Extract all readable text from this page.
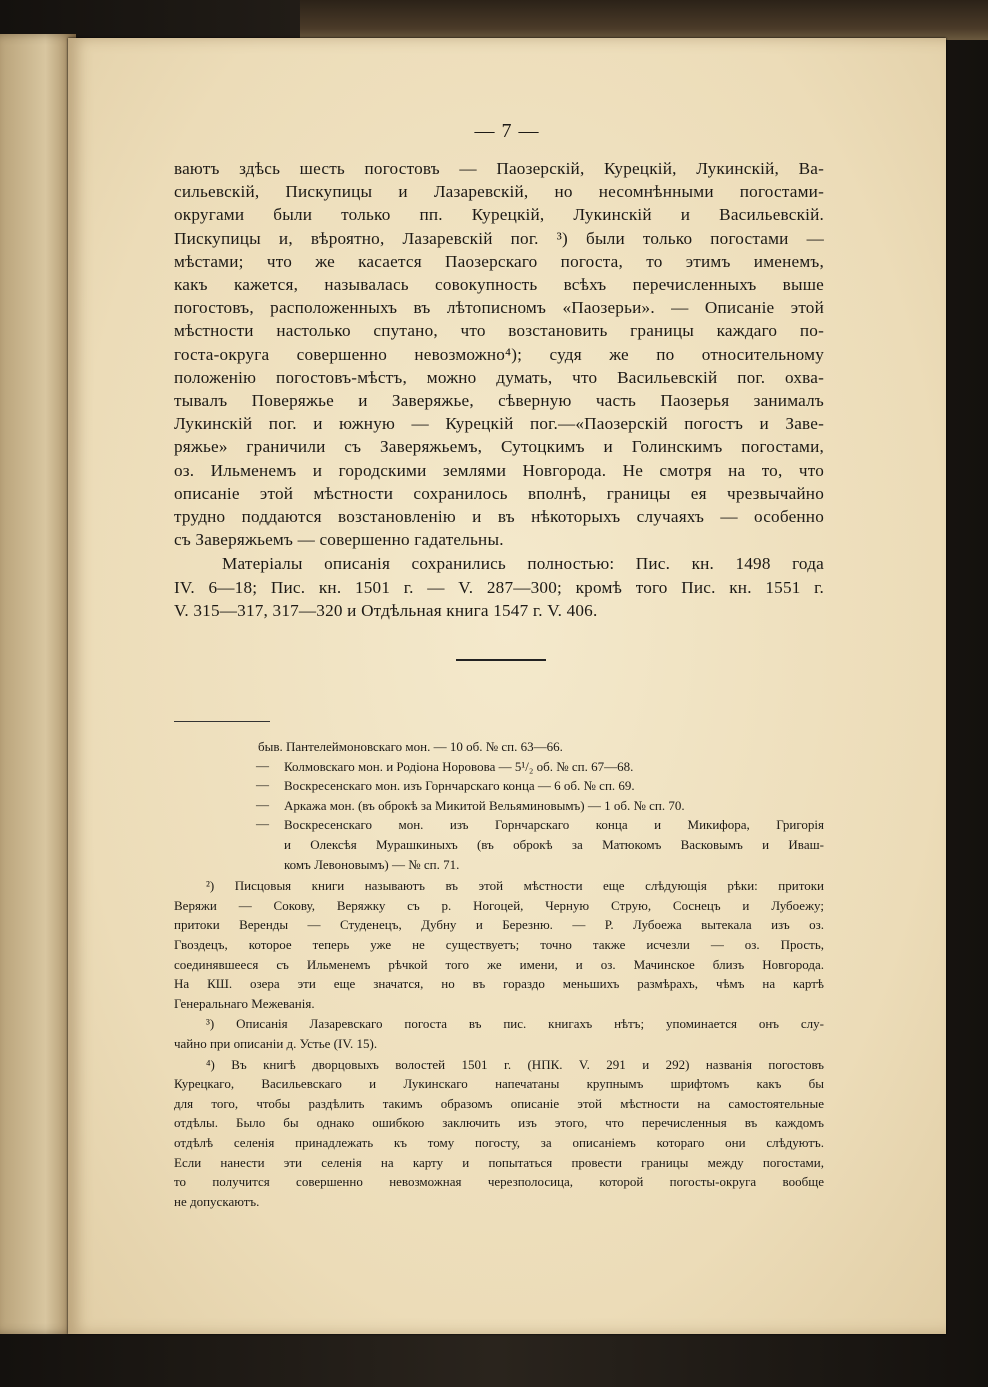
— 7 —
ваютъ здѣсь шесть погостовъ — Паозерскій, Курецкій, Лукинскій, Ва-
сильевскій, Пискупицы и Лазаревскій, но несомнѣнными погостами-
округами были только пп. Курецкій, Лукинскій и Васильевскій.
Пискупицы и, вѣроятно, Лазаревскій пог. ³) были только погостами —
мѣстами; что же касается Паозерскаго погоста, то этимъ именемъ,
какъ кажется, называлась совокупность всѣхъ перечисленныхъ выше
погостовъ, расположенныхъ въ лѣтописномъ «Паозерьи». — Описаніе этой
мѣстности настолько спутано, что возстановить границы каждаго по-
госта-округа совершенно невозможно⁴); судя же по относительному
положенію погостовъ-мѣстъ, можно думать, что Васильевскій пог. охва-
тывалъ Поверяжье и Заверяжье, сѣверную часть Паозерья занималъ
Лукинскій пог. и южную — Курецкій пог.—«Паозерскій погостъ и Заве-
ряжье» граничили съ Заверяжьемъ, Сутоцкимъ и Голинскимъ погостами,
оз. Ильменемъ и городскими землями Новгорода. Не смотря на то, что
описаніе этой мѣстности сохранилось вполнѣ, границы ея чрезвычайно
трудно поддаются возстановленію и въ нѣкоторыхъ случаяхъ — особенно
съ Заверяжьемъ — совершенно гадательны.
Матеріалы описанія сохранились полностью: Пис. кн. 1498 года
IV. 6—18; Пис. кн. 1501 г. — V. 287—300; кромѣ того Пис. кн. 1551 г.
V. 315—317, 317—320 и Отдѣльная книга 1547 г. V. 406.
быв. Пантелеймоновскаго мон. — 10 об. № сп. 63—66.
— Колмовскаго мон. и Родіона Норовова — 5¹/₂ об. № сп. 67—68.
— Воскресенскаго мон. изъ Горнчарскаго конца — 6 об. № сп. 69.
— Аркажа мон. (въ оброкѣ за Микитой Вельяминовымъ) — 1 об. № сп. 70.
— Воскресенскаго мон. изъ Горнчарскаго конца и Микифора, Григорія
и Олексѣя Мурашкиныхъ (въ оброкѣ за Матюкомъ Васковымъ и Ивaш-
комъ Левоновымъ) — № сп. 71.
²) Писцовыя книги называютъ въ этой мѣстности еще слѣдующія рѣки: притоки
Веряжи — Сокову, Веряжку съ р. Ногоцей, Черную Струю, Соснецъ и Лубоежу;
притоки Веренды — Студенецъ, Дубну и Березню. — Р. Лубоежа вытекала изъ оз.
Гвоздецъ, которое теперь уже не существуетъ; точно также исчезли — оз. Прость,
соединявшееся съ Ильменемъ рѣчкой того же имени, и оз. Мачинское близъ Новгорода.
На КШ. озера эти еще значатся, но въ гораздо меньшихъ размѣрахъ, чѣмъ на картѣ
Генеральнаго Межеванія.
³) Описанія Лазаревскаго погоста въ пис. книгахъ нѣтъ; упоминается онъ слу-
чайно при описаніи д. Устье (IV. 15).
⁴) Въ книгѣ дворцовыхъ волостей 1501 г. (НПК. V. 291 и 292) названія погостовъ
Курецкаго, Васильевскаго и Лукинскаго напечатаны крупнымъ шрифтомъ какъ бы
для того, чтобы раздѣлить такимъ образомъ описаніе этой мѣстности на самостоятельные
отдѣлы. Было бы однако ошибкою заключить изъ этого, что перечисленныя въ каждомъ
отдѣлѣ селенія принадлежать къ тому погосту, за описаніемъ котораго они слѣдуютъ.
Если нанести эти селенія на карту и попытаться провести границы между погостами,
то получится совершенно невозможная черезполосица, которой погосты-округа вообще
не допускаютъ.
